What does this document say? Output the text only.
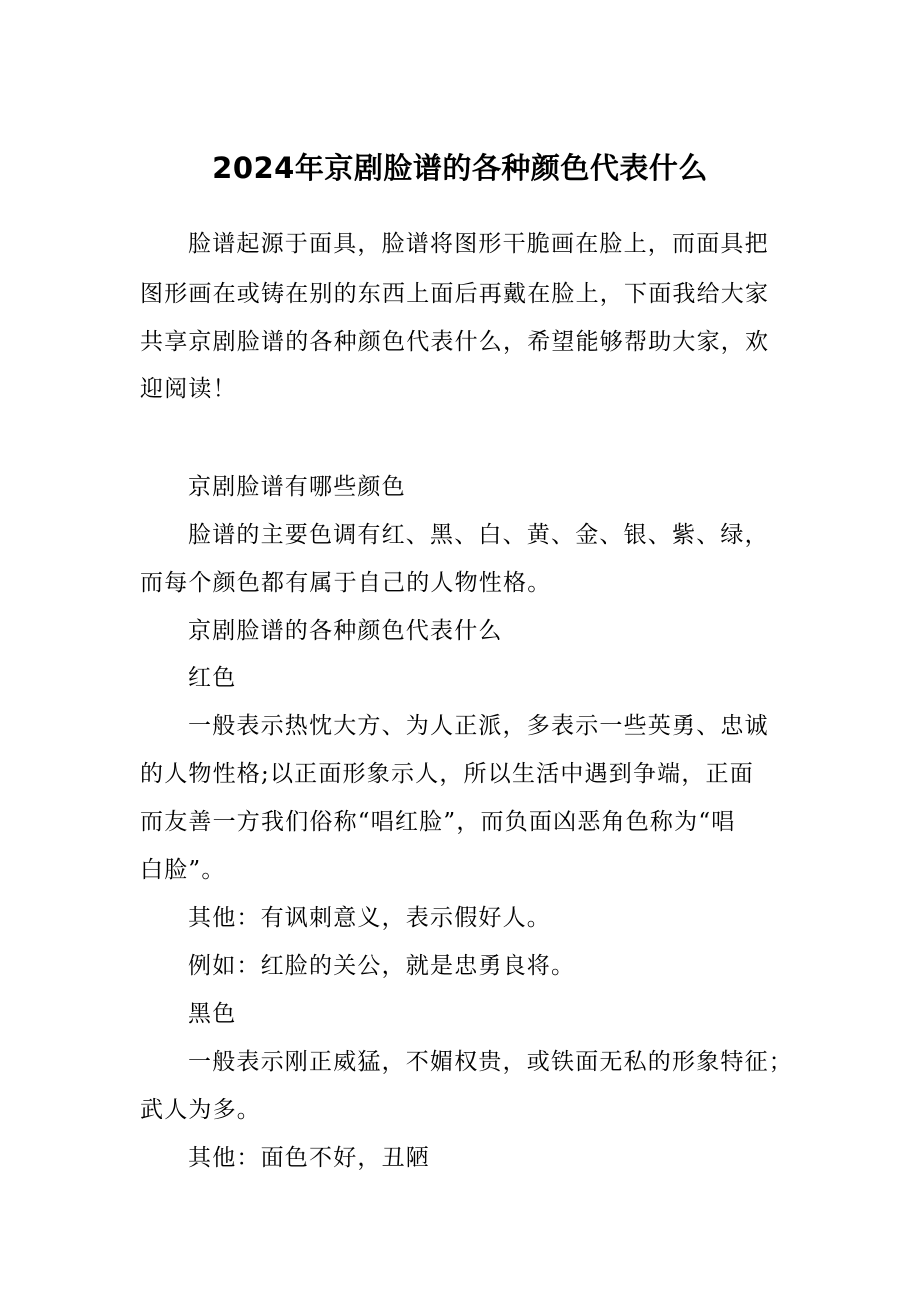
2024年京剧脸谱的各种颜色代表什么
脸谱起源于面具，脸谱将图形干脆画在脸上，而面具把
图形画在或铸在别的东西上面后再戴在脸上，下面我给大家
共享京剧脸谱的各种颜色代表什么，希望能够帮助大家，欢
迎阅读！
京剧脸谱有哪些颜色
脸谱的主要色调有红、黑、白、黄、金、银、紫、绿，
而每个颜色都有属于自己的人物性格。
京剧脸谱的各种颜色代表什么
红色
一般表示热忱大方、为人正派，多表示一些英勇、忠诚
的人物性格;以正面形象示人，所以生活中遇到争端，正面
而友善一方我们俗称“唱红脸”，而负面凶恶角色称为“唱
白脸”。
其他：有讽刺意义，表示假好人。
例如：红脸的关公，就是忠勇良将。
黑色
一般表示刚正威猛，不媚权贵，或铁面无私的形象特征；
武人为多。
其他：面色不好，丑陋
